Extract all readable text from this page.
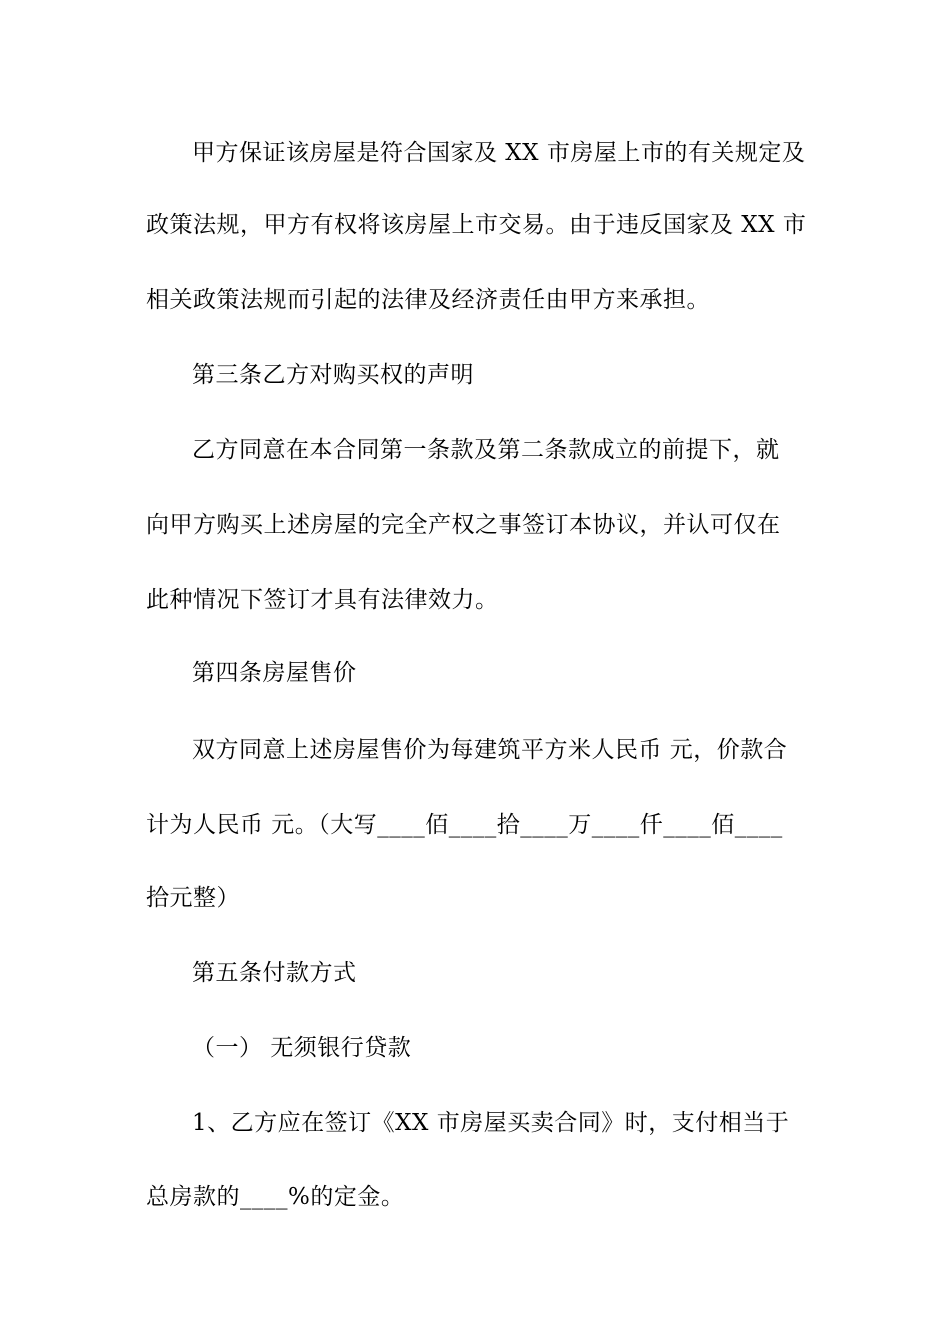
甲方保证该房屋是符合国家及 XX 市房屋上市的有关规定及
政策法规，甲方有权将该房屋上市交易。由于违反国家及 XX 市
相关政策法规而引起的法律及经济责任由甲方来承担。
第三条乙方对购买权的声明
乙方同意在本合同第一条款及第二条款成立的前提下，就
向甲方购买上述房屋的完全产权之事签订本协议，并认可仅在
此种情况下签订才具有法律效力。
第四条房屋售价
双方同意上述房屋售价为每建筑平方米人民币 元，价款合
计为人民币 元。（大写____佰____拾____万____仟____佰____
拾元整）
第五条付款方式
（一） 无须银行贷款
1、乙方应在签订《XX 市房屋买卖合同》时，支付相当于
总房款的____%的定金。
